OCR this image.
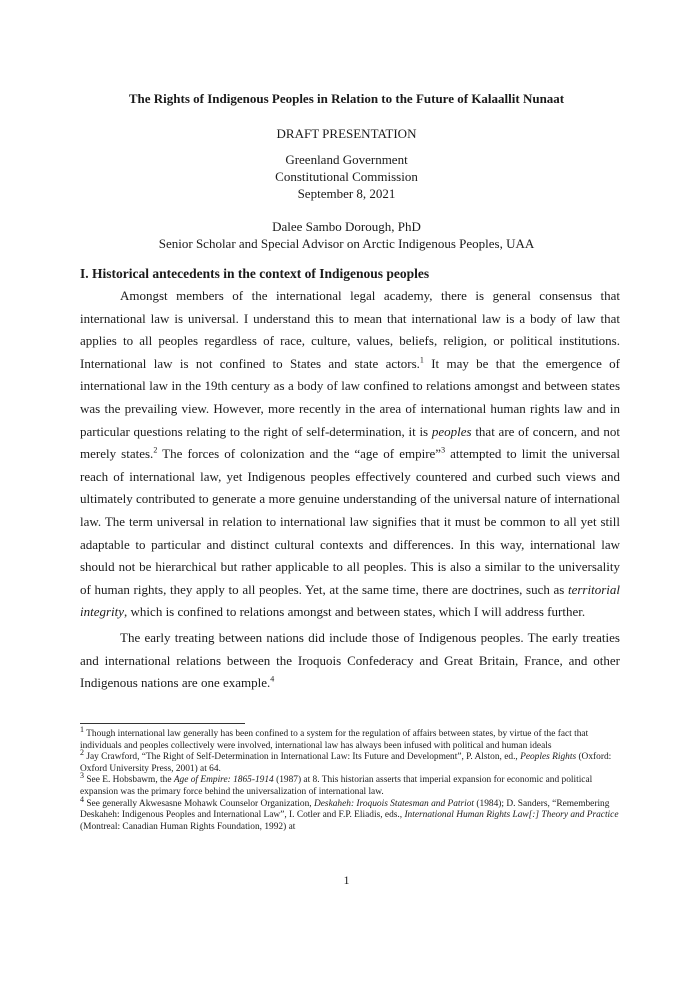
The Rights of Indigenous Peoples in Relation to the Future of Kalaallit Nunaat
DRAFT PRESENTATION
Greenland Government
Constitutional Commission
September 8, 2021
Dalee Sambo Dorough, PhD
Senior Scholar and Special Advisor on Arctic Indigenous Peoples, UAA
I. Historical antecedents in the context of Indigenous peoples

Amongst members of the international legal academy, there is general consensus that international law is universal. I understand this to mean that international law is a body of law that applies to all peoples regardless of race, culture, values, beliefs, religion, or political institutions. International law is not confined to States and state actors.$^1$ It may be that the emergence of international law in the 19th century as a body of law confined to relations amongst and between states was the prevailing view. However, more recently in the area of international human rights law and in particular questions relating to the right of self-determination, it is peoples that are of concern, and not merely states.$^2$ The forces of colonization and the “age of empire”$^3$ attempted to limit the universal reach of international law, yet Indigenous peoples effectively countered and curbed such views and ultimately contributed to generate a more genuine understanding of the universal nature of international law. The term universal in relation to international law signifies that it must be common to all yet still adaptable to particular and distinct cultural contexts and differences. In this way, international law should not be hierarchical but rather applicable to all peoples. This is also a similar to the universality of human rights, they apply to all peoples. Yet, at the same time, there are doctrines, such as territorial integrity, which is confined to relations amongst and between states, which I will address further.

The early treating between nations did include those of Indigenous peoples. The early treaties and international relations between the Iroquois Confederacy and Great Britain, France, and other Indigenous nations are one example.$^4$

$^1$ Though international law generally has been confined to a system for the regulation of affairs between states, by virtue of the fact that individuals and peoples collectively were involved, international law has always been infused with political and human ideals

$^2$ Jay Crawford, “The Right of Self-Determination in International Law: Its Future and Development”, P. Alston, ed., Peoples Rights (Oxford: Oxford University Press, 2001) at 64.

$^3$ See E. Hobsbawm, the Age of Empire: 1865-1914 (1987) at 8. This historian asserts that imperial expansion for economic and political expansion was the primary force behind the universalization of international law.

$^4$ See generally Akwesasne Mohawk Counselor Organization, Deskaheh: Iroquois Statesman and Patriot (1984); D. Sanders, “Remembering Deskaheh: Indigenous Peoples and International Law”, I. Cotler and F.P. Eliadis, eds., International Human Rights Law[:] Theory and Practice (Montreal: Canadian Human Rights Foundation, 1992) at

1
